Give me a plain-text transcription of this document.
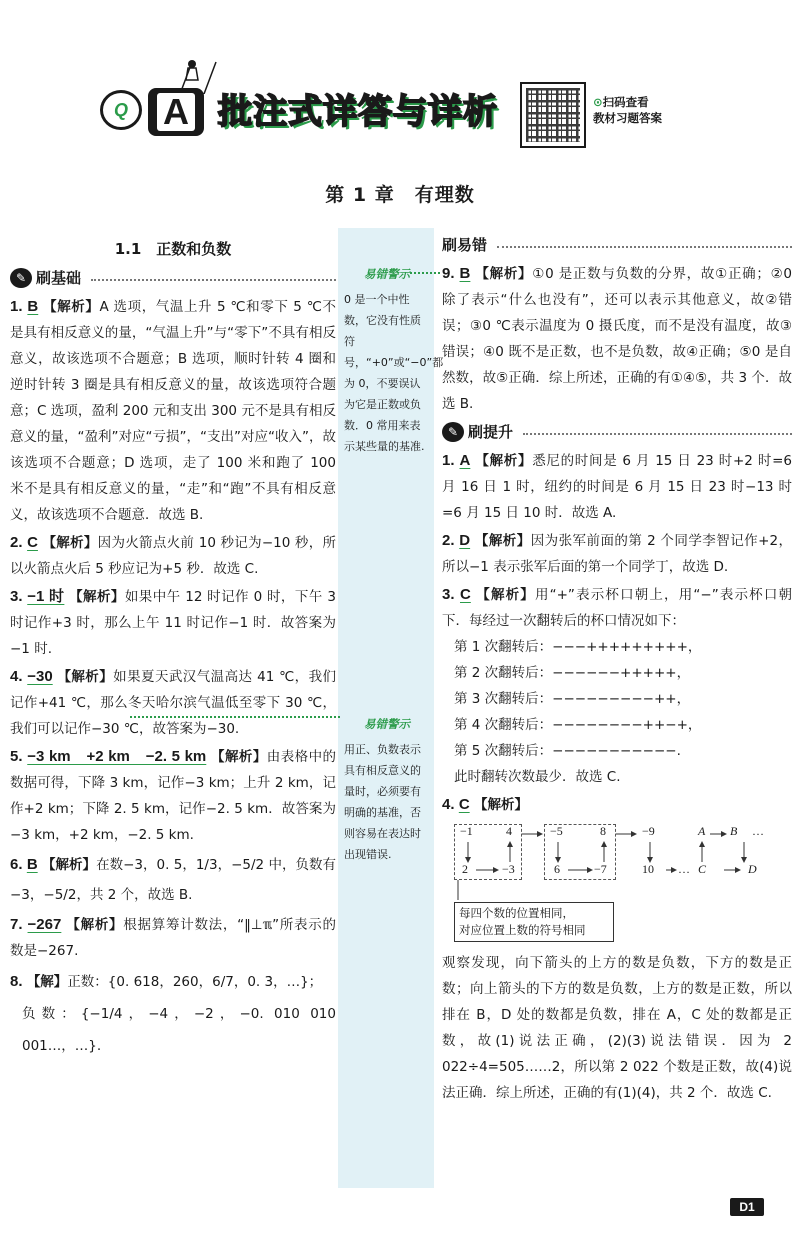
Q A 批注式详答与详析	⊙扫码查看
教材习题答案
第 1 章　有理数
1.1　正数和负数
✎ 刷基础
1. B 【解析】A 选项，气温上升 5 ℃和零下 5 ℃不是具有相反意义的量，“气温上升”与“零下”不具有相反意义，故该选项不合题意；B 选项，顺时针转 4 圈和逆时针转 3 圈是具有相反意义的量，故该选项符合题意；C 选项，盈利 200 元和支出 300 元不是具有相反意义的量，“盈利”对应“亏损”，“支出”对应“收入”，故该选项不合题意；D 选项，走了 100 米和跑了 100 米不是具有相反意义的量，“走”和“跑”不具有相反意义，故该选项不合题意．故选 B.
2. C 【解析】因为火箭点火前 10 秒记为−10 秒，所以火箭点火后 5 秒应记为+5 秒．故选 C.
3. −1 时 【解析】如果中午 12 时记作 0 时，下午 3 时记作+3 时，那么上午 11 时记作−1 时．故答案为−1 时.
4. −30 【解析】如果夏天武汉气温高达 41 ℃，我们记作+41 ℃，那么冬天哈尔滨气温低至零下 30 ℃，我们可以记作−30 ℃，故答案为−30.
5. −3 km　+2 km　−2. 5 km 【解析】由表格中的数据可得，下降 3 km，记作−3 km；上升 2 km，记作+2 km；下降 2. 5 km，记作−2. 5 km．故答案为−3 km，+2 km，−2. 5 km.
6. B 【解析】在数−3，0. 5，1/3，−5/2 中，负数有 −3，−5/2，共 2 个，故选 B.
7. −267 【解析】根据算筹计数法，“‖⊥ℼ”所表示的数是−267.
8. 【解】正数：{0. 618，260，6/7，0. 3̇，…}；
负数：{−1/4，−4，−2，−0. 010 010 001…，…}.
易错警示
0 是一个中性数，它没有性质符号，“+0”或“−0”都为 0，不要误认为它是正数或负数．0 常用来表示某些量的基准.
易错警示
用正、负数表示具有相反意义的量时，必须要有明确的基准，否则容易在表达时出现错误.
刷易错
9. B 【解析】①0 是正数与负数的分界，故①正确；②0 除了表示“什么也没有”，还可以表示其他意义，故②错误；③0 ℃表示温度为 0 摄氏度，而不是没有温度，故③错误；④0 既不是正数，也不是负数，故④正确；⑤0 是自然数，故⑤正确．综上所述，正确的有①④⑤，共 3 个．故选 B.
✎ 刷提升
1. A 【解析】悉尼的时间是 6 月 15 日 23 时+2 时=6 月 16 日 1 时，纽约的时间是 6 月 15 日 23 时−13 时=6 月 15 日 10 时．故选 A.
2. D 【解析】因为张军前面的第 2 个同学李智记作+2，所以−1 表示张军后面的第一个同学丁，故选 D.
3. C 【解析】用“+”表示杯口朝上，用“−”表示杯口朝下．每经过一次翻转后的杯口情况如下：
第 1 次翻转后：−−−+++++++++，
第 2 次翻转后：−−−−−−+++++，
第 3 次翻转后：−−−−−−−−−++，
第 4 次翻转后：−−−−−−−−++−+，
第 5 次翻转后：−−−−−−−−−−−.
此时翻转次数最少．故选 C.
4. C 【解析】
−1	4
2	−3
−5	8
6	−7
−9
10 …
A B
C	D
…
每四个数的位置相同，
对应位置上数的符号相同
观察发现，向下箭头的上方的数是负数，下方的数是正数；向上箭头的下方的数是负数，上方的数是正数，所以排在 B，D 处的数都是负数，排在 A，C 处的数都是正数，故(1)说法正确，(2)(3)说法错误．因为 2 022÷4=505……2，所以第 2 022 个数是正数，故(4)说法正确．综上所述，正确的有(1)(4)，共 2 个．故选 C.
D1
